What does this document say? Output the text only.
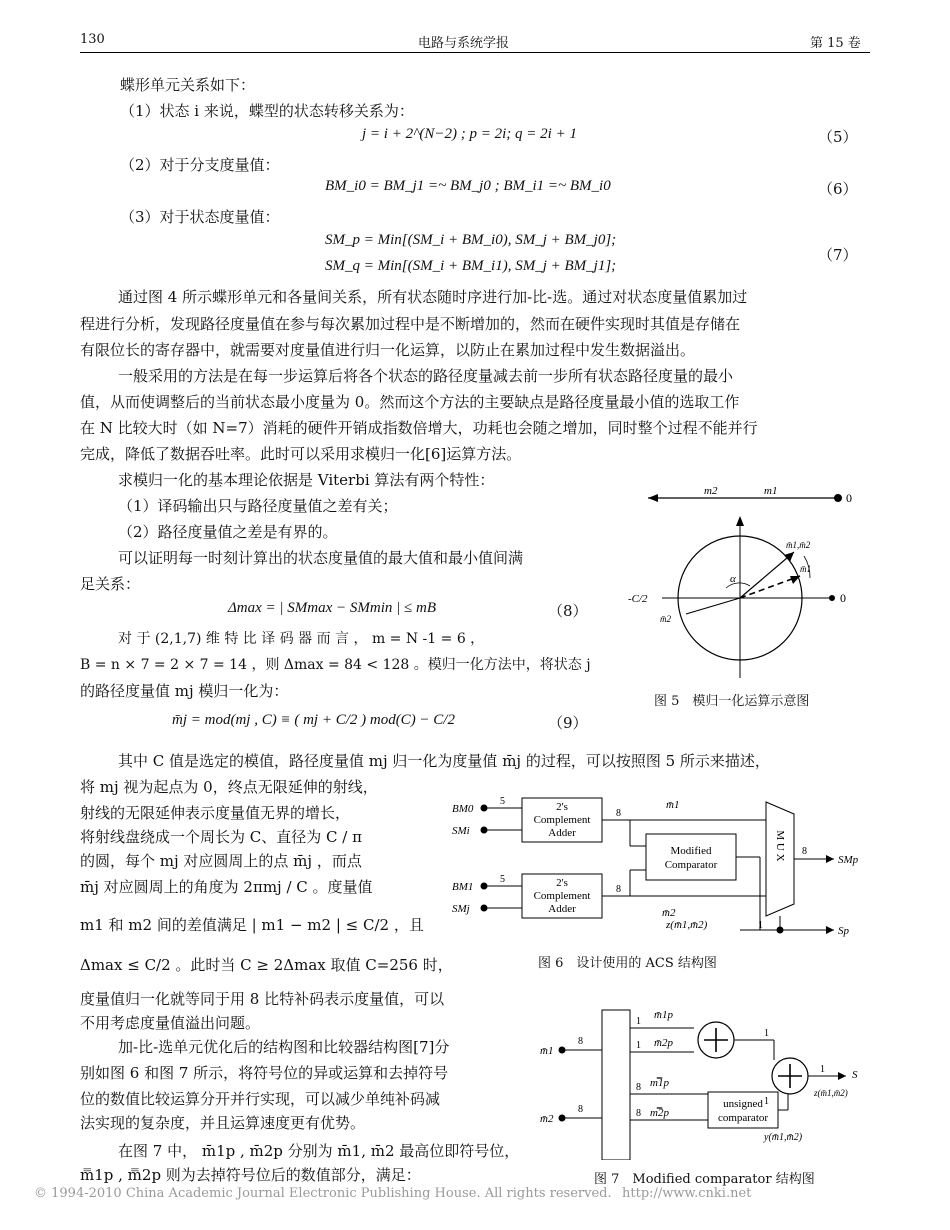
130	电路与系统学报	第 15 卷
蝶形单元关系如下：
（1）状态 i 来说，蝶型的状态转移关系为：
j = i + 2^(N−2) ; p = 2i; q = 2i + 1	（5）
（2）对于分支度量值：
BM_i0 = BM_j1 =~ BM_j0 ; BM_i1 =~ BM_i0	（6）
（3）对于状态度量值：
SM_p = Min[(SM_i + BM_i0), SM_j + BM_j0];
SM_q = Min[(SM_i + BM_i1), SM_j + BM_j1];
（7）
通过图 4 所示蝶形单元和各量间关系，所有状态随时序进行加-比-选。通过对状态度量值累加过
程进行分析，发现路径度量值在参与每次累加过程中是不断增加的，然而在硬件实现时其值是存储在
有限位长的寄存器中，就需要对度量值进行归一化运算，以防止在累加过程中发生数据溢出。
一般采用的方法是在每一步运算后将各个状态的路径度量减去前一步所有状态路径度量的最小
值，从而使调整后的当前状态最小度量为 0。然而这个方法的主要缺点是路径度量最小值的选取工作
在 N 比较大时（如 N=7）消耗的硬件开销成指数倍增大，功耗也会随之增加，同时整个过程不能并行
完成，降低了数据吞吐率。此时可以采用求模归一化[6]运算方法。
求模归一化的基本理论依据是 Viterbi 算法有两个特性：
（1）译码输出只与路径度量值之差有关；
（2）路径度量值之差是有界的。
可以证明每一时刻计算出的状态度量值的最大值和最小值间满
足关系：
Δmax = | SMmax − SMmin | ≤ mB	（8）
对 于 (2,1,7) 维 特 比 译 码 器 而 言 ， m = N -1 = 6 ，
B = n × 7 = 2 × 7 = 14 ，则 Δmax = 84 < 128 。模归一化方法中，将状态 j
的路径度量值 mj 模归一化为：
m̄j = mod(mj , C) ≡ ( mj + C/2 ) mod(C) − C/2	（9）
其中 C 值是选定的模值，路径度量值 mj 归一化为度量值 m̄j 的过程，可以按照图 5 所示来描述，
将 mj 视为起点为 0，终点无限延伸的射线，
射线的无限延伸表示度量值无界的增长，
将射线盘绕成一个周长为 C、直径为 C / π
的圆，每个 mj 对应圆周上的点 m̄j ，而点
m̄j 对应圆周上的角度为 2πmj / C 。度量值
m1 和 m2 间的差值满足 | m1 − m2 | ≤ C/2 ，且
Δmax ≤ C/2 。此时当 C ≥ 2Δmax 取值 C=256 时，
度量值归一化就等同于用 8 比特补码表示度量值，可以
不用考虑度量值溢出问题。
加-比-选单元优化后的结构图和比较器结构图[7]分
别如图 6 和图 7 所示，将符号位的异或运算和去掉符号
位的数值比较运算分开并行实现，可以减少单纯补码减
法实现的复杂度，并且运算速度更有优势。
在图 7 中， m̄1p , m̄2p 分别为 m̄1, m̄2 最高位即符号位，
m̿1p , m̿2p 则为去掉符号位后的数值部分，满足：
m2	m1	0
0
-C/2
α
m̄1,m̄2
m̄1
m̄2
图 5　模归一化运算示意图
BM0
SMi
BM1
SMj
5
5
2's
Complement
Adder
2's
Complement
Adder
8
8
m̄1
m̄2
Modified
Comparator
M U X
1	Sp
8
SMp
z(m̄1,m̄2)
图 6　设计使用的 ACS 结构图
m̄1
m̄2
8
8
m̄1p
m̄2p
m̿1p
m̿2p
1
1
8
8
1
unsigned
comparator
1
1 S
z(m̄1,m̄2)
y(m̄1,m̄2)
图 7　Modified comparator 结构图
© 1994-2010 China Academic Journal Electronic Publishing House. All rights reserved. http://www.cnki.net
